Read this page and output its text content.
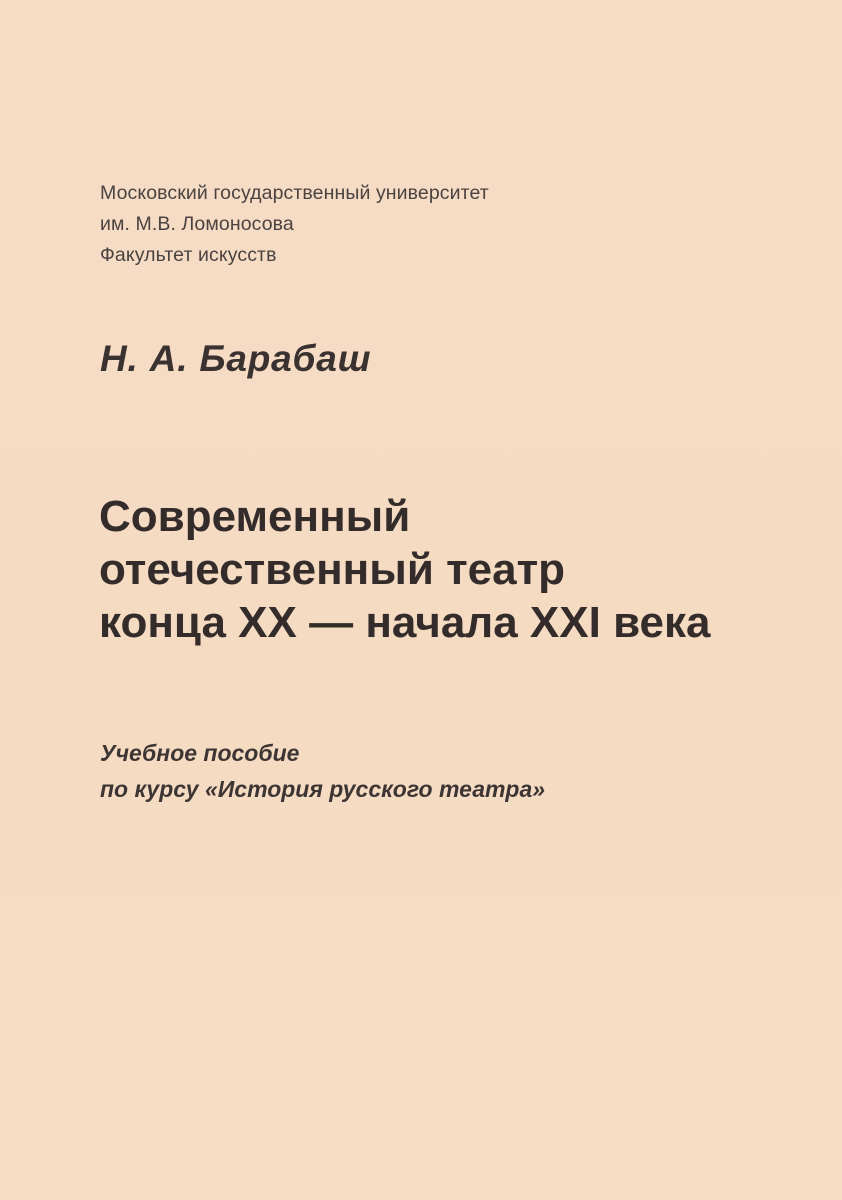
Московский государственный университет
им. М.В. Ломоносова
Факультет искусств
Н. А. Барабаш
Современный
отечественный театр
конца XX — начала XXI века
Учебное пособие
по курсу «История русского театра»
